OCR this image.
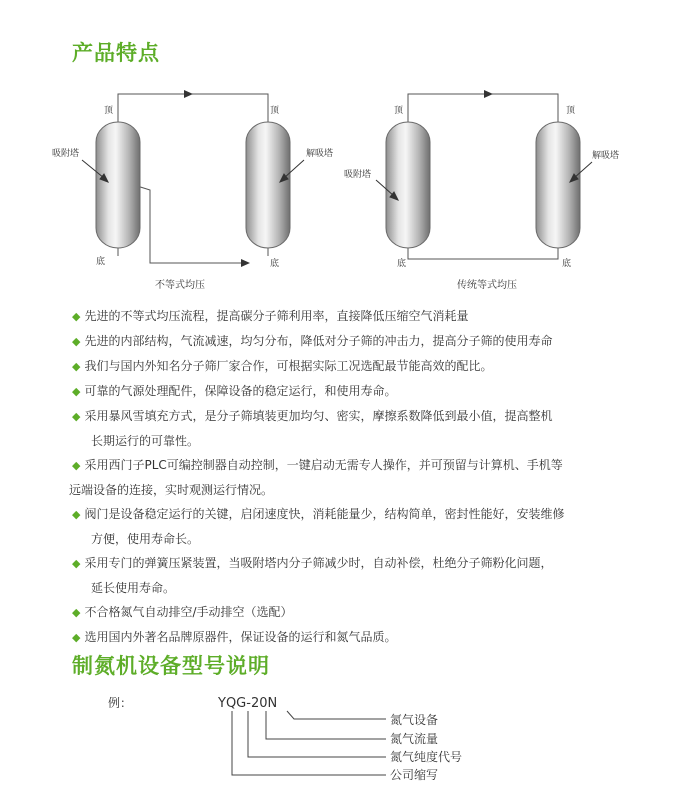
产品特点
顶	顶
底	底
吸附塔	解吸塔
不等式均压
顶	顶
底	底
吸附塔
解吸塔
传统等式均压
◆ 先进的不等式均压流程，提高碳分子筛利用率，直接降低压缩空气消耗量
◆ 先进的内部结构，气流减速，均匀分布，降低对分子筛的冲击力，提高分子筛的使用寿命
◆ 我们与国内外知名分子筛厂家合作，可根据实际工况选配最节能高效的配比。
◆ 可靠的气源处理配件，保障设备的稳定运行，和使用寿命。
◆ 采用暴风雪填充方式，是分子筛填装更加均匀、密实，摩擦系数降低到最小值，提高整机
长期运行的可靠性。
◆ 采用西门子PLC可编控制器自动控制，一键启动无需专人操作，并可预留与计算机、手机等
远端设备的连接，实时观测运行情况。
◆ 阀门是设备稳定运行的关键，启闭速度快，消耗能量少，结构简单，密封性能好，安装维修
方便，使用寿命长。
◆ 采用专门的弹簧压紧装置，当吸附塔内分子筛减少时，自动补偿，杜绝分子筛粉化问题，
延长使用寿命。
◆ 不合格氮气自动排空/手动排空（选配）
◆ 选用国内外著名品牌原器件，保证设备的运行和氮气品质。
制氮机设备型号说明
例：	YQG-20N
氮气设备
氮气流量
氮气纯度代号
公司缩写
